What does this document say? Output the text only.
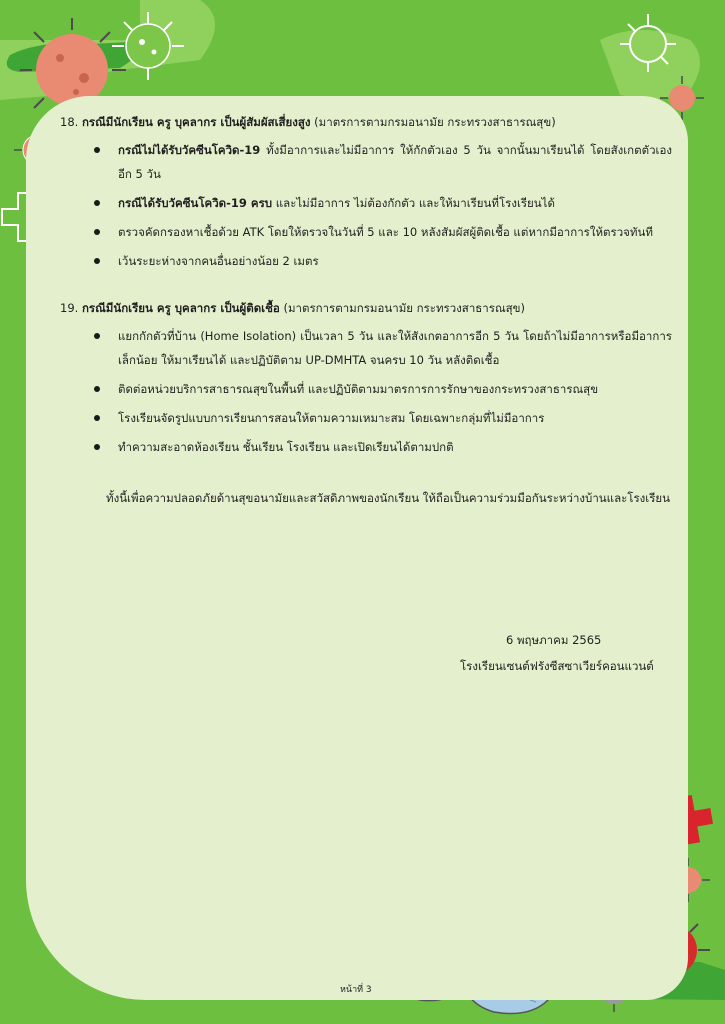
18. กรณีมีนักเรียน ครู บุคลากร เป็นผู้สัมผัสเสี่ยงสูง (มาตรการตามกรมอนามัย กระทรวงสาธารณสุข)
กรณีไม่ได้รับวัคซีนโควิด-19 ทั้งมีอาการและไม่มีอาการ ให้กักตัวเอง 5 วัน จากนั้นมาเรียนได้ โดยสังเกตตัวเองอีก 5 วัน
กรณีได้รับวัคซีนโควิด-19 ครบ และไม่มีอาการ ไม่ต้องกักตัว และให้มาเรียนที่โรงเรียนได้
ตรวจคัดกรองหาเชื้อด้วย ATK โดยให้ตรวจในวันที่ 5 และ 10 หลังสัมผัสผู้ติดเชื้อ แต่หากมีอาการให้ตรวจทันที
เว้นระยะห่างจากคนอื่นอย่างน้อย 2 เมตร
19. กรณีมีนักเรียน ครู บุคลากร เป็นผู้ติดเชื้อ (มาตรการตามกรมอนามัย กระทรวงสาธารณสุข)
แยกกักตัวที่บ้าน (Home Isolation) เป็นเวลา 5 วัน และให้สังเกตอาการอีก 5 วัน โดยถ้าไม่มีอาการหรือมีอาการเล็กน้อย ให้มาเรียนได้ และปฏิบัติตาม UP-DMHTA จนครบ 10 วัน หลังติดเชื้อ
ติดต่อหน่วยบริการสาธารณสุขในพื้นที่ และปฏิบัติตามมาตรการการรักษาของกระทรวงสาธารณสุข
โรงเรียนจัดรูปแบบการเรียนการสอนให้ตามความเหมาะสม โดยเฉพาะกลุ่มที่ไม่มีอาการ
ทำความสะอาดห้องเรียน ชั้นเรียน โรงเรียน และเปิดเรียนได้ตามปกติ

ทั้งนี้เพื่อความปลอดภัยด้านสุขอนามัยและสวัสดิภาพของนักเรียน ให้ถือเป็นความร่วมมือกันระหว่างบ้านและโรงเรียน

6 พฤษภาคม 2565
โรงเรียนเซนต์ฟรังซีสซาเวียร์คอนแวนต์
หน้าที่ 3
